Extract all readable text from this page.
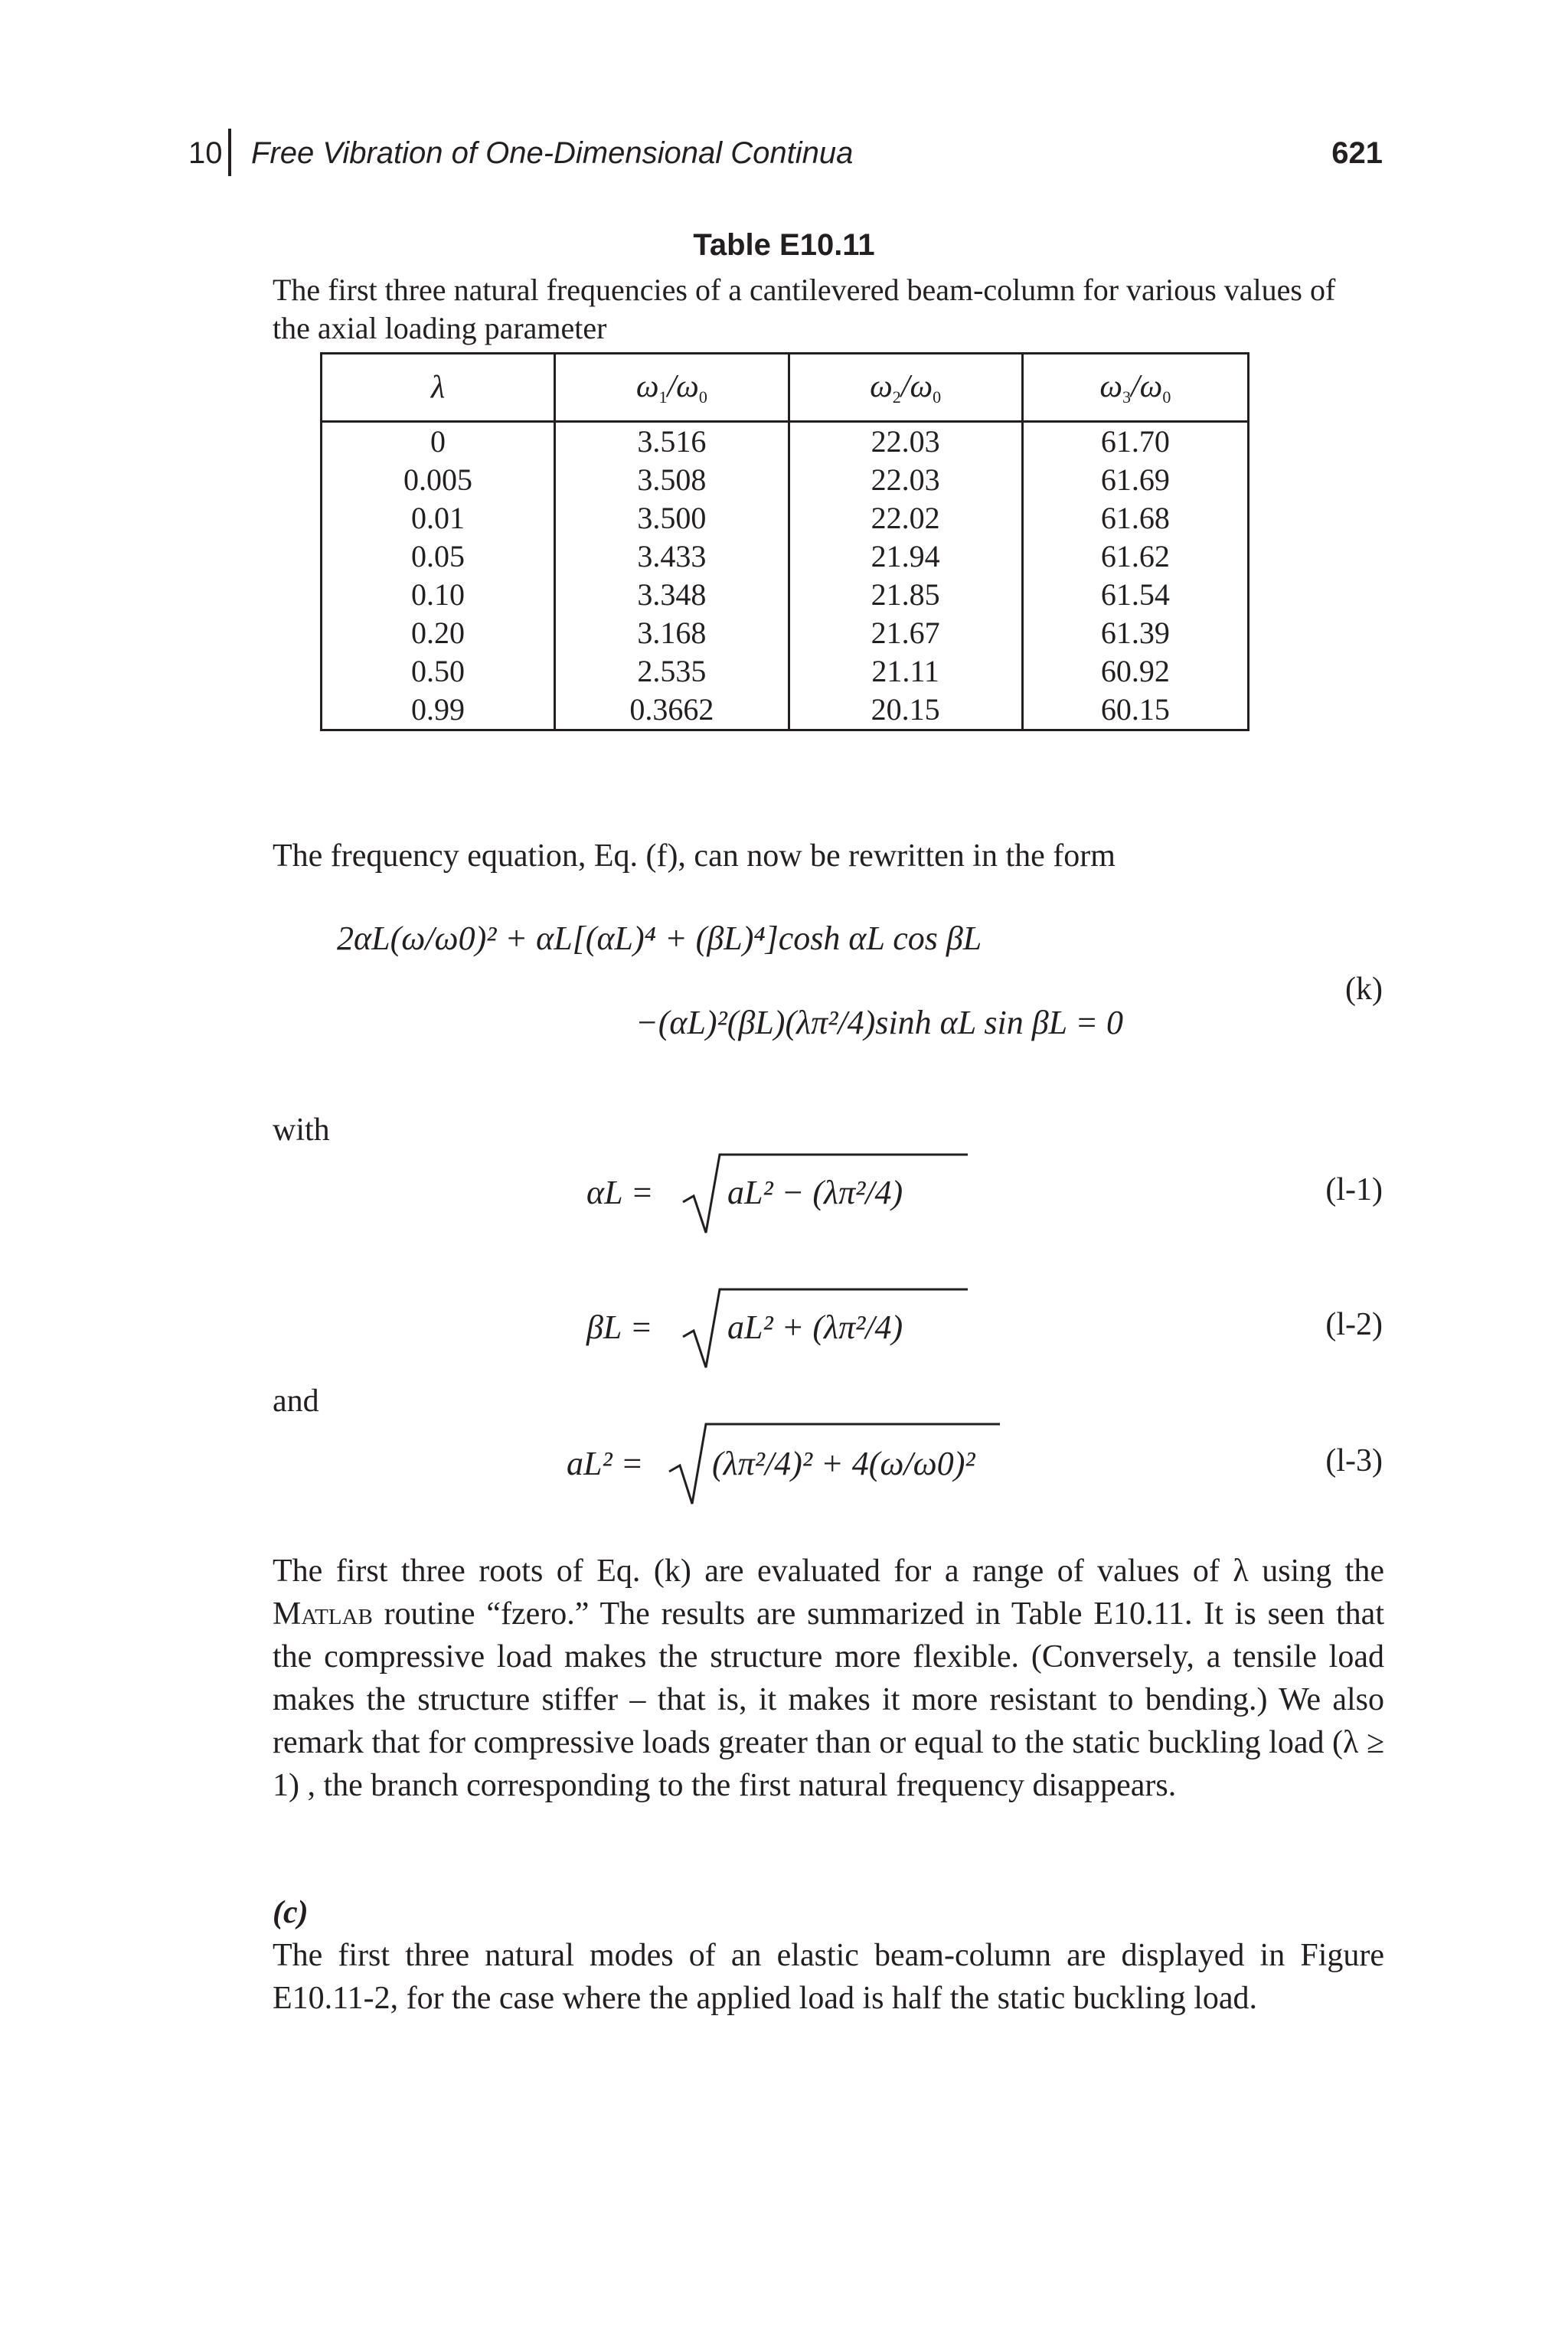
10 Free Vibration of One-Dimensional Continua	621
Table E10.11
The first three natural frequencies of a cantilevered beam-column for various values of the axial loading parameter
λ	ω1/ω0	ω2/ω0	ω3/ω0
0	3.516	22.03	61.70
0.005	3.508	22.03	61.69
0.01	3.500	22.02	61.68
0.05	3.433	21.94	61.62
0.10	3.348	21.85	61.54
0.20	3.168	21.67	61.39
0.50	2.535	21.11	60.92
0.99	0.3662	20.15	60.15
The frequency equation, Eq. (f), can now be rewritten in the form
2αL(ω/ω0)² + αL[(αL)⁴ + (βL)⁴]cosh αL cos βL
−(αL)²(βL)(λπ²/4)sinh αL sin βL = 0
(k)
with
αL = aL² − (λπ²/4)	(l-1)
βL = aL² + (λπ²/4)	(l-2)
and
aL² = (λπ²/4)² + 4(ω/ω0)²	(l-3)
The first three roots of Eq. (k) are evaluated for a range of values of λ using the Matlab routine “fzero.” The results are summarized in Table E10.11. It is seen that the compressive load makes the structure more flexible. (Conversely, a tensile load makes the structure stiffer – that is, it makes it more resistant to bending.) We also remark that for compressive loads greater than or equal to the static buckling load (λ ≥ 1) , the branch corresponding to the first natural frequency disappears.
(c)
The first three natural modes of an elastic beam-column are displayed in Figure E10.11-2, for the case where the applied load is half the static buckling load.
